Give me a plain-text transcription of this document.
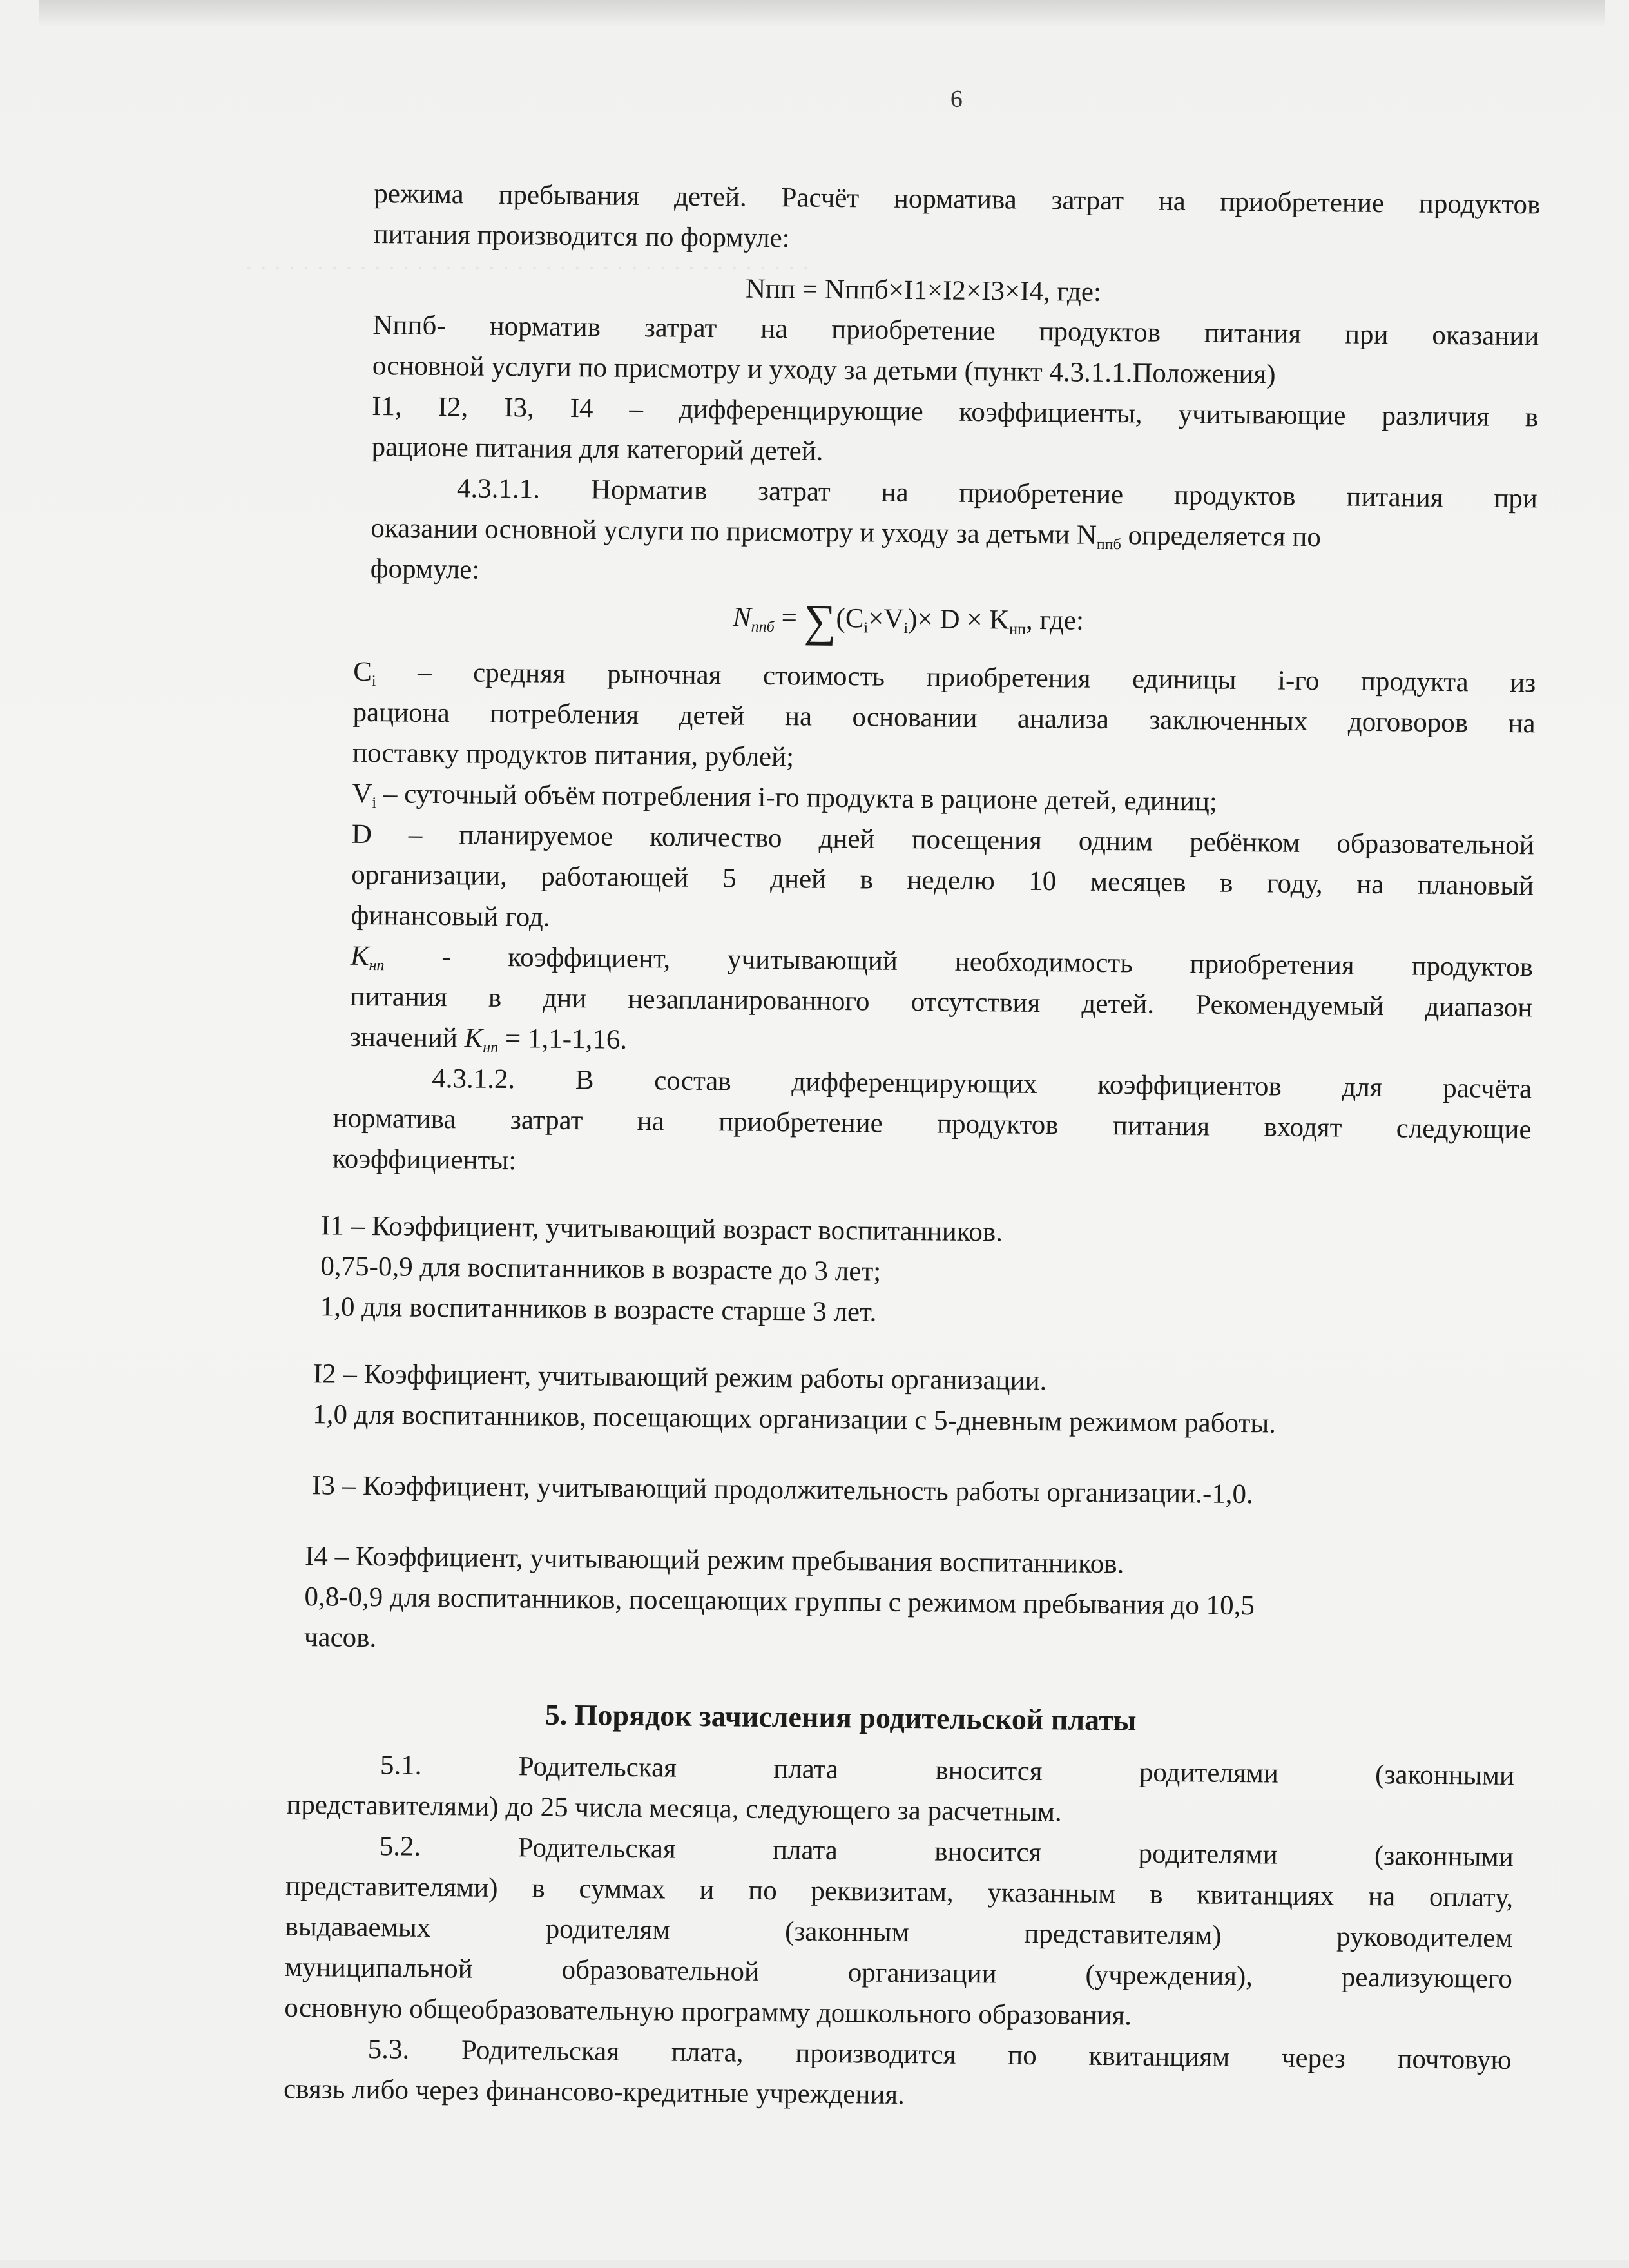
· · · · · · · · · · · · · · · · · · · · · · · · · · · · · · · · · · · · · · · ·
6
режима пребывания детей. Расчёт норматива затрат на приобретение продуктов
питания производится по формуле:
Nпп = Nппб×I1×I2×I3×I4, где:
Nппб- норматив затрат на приобретение продуктов питания при оказании
основной услуги по присмотру и уходу за детьми (пункт 4.3.1.1.Положения)
I1, I2, I3, I4 – дифференцирующие коэффициенты, учитывающие различия в
рационе питания для категорий детей.
4.3.1.1. Норматив затрат на приобретение продуктов питания при
оказании основной услуги по присмотру и уходу за детьми $N_{ппб}$ определяется по
формуле:
$N_{ппб} = \sum(C_i\times V_i)\times D \times K_{нп}$, где:
$C_i$ – средняя рыночная стоимость приобретения единицы i-го продукта из
рациона потребления детей на основании анализа заключенных договоров на
поставку продуктов питания, рублей;
$V_i$ – суточный объём потребления i-го продукта в рационе детей, единиц;
D – планируемое количество дней посещения одним ребёнком образовательной
организации, работающей 5 дней в неделю 10 месяцев в году, на плановый
финансовый год.
$K_{нп}$ - коэффициент, учитывающий необходимость приобретения продуктов
питания в дни незапланированного отсутствия детей. Рекомендуемый диапазон
значений $K_{нп} = 1,1-1,16$.
4.3.1.2. В состав дифференцирующих коэффициентов для расчёта
норматива затрат на приобретение продуктов питания входят следующие
коэффициенты:
I1 – Коэффициент, учитывающий возраст воспитанников.
0,75-0,9 для воспитанников в возрасте до 3 лет;
1,0 для воспитанников в возрасте старше 3 лет.
I2 – Коэффициент, учитывающий режим работы организации.
1,0 для воспитанников, посещающих организации с 5-дневным режимом работы.
I3 – Коэффициент, учитывающий продолжительность работы организации.-1,0.
I4 – Коэффициент, учитывающий режим пребывания воспитанников.
0,8-0,9 для воспитанников, посещающих группы с режимом пребывания до 10,5
часов.
5. Порядок зачисления родительской платы
5.1. Родительская плата вносится родителями (законными
представителями) до 25 числа месяца, следующего за расчетным.
5.2. Родительская плата вносится родителями (законными
представителями) в суммах и по реквизитам, указанным в квитанциях на оплату,
выдаваемых родителям (законным представителям) руководителем
муниципальной образовательной организации (учреждения), реализующего
основную общеобразовательную программу дошкольного образования.
5.3. Родительская плата, производится по квитанциям через почтовую
связь либо через финансово-кредитные учреждения.
